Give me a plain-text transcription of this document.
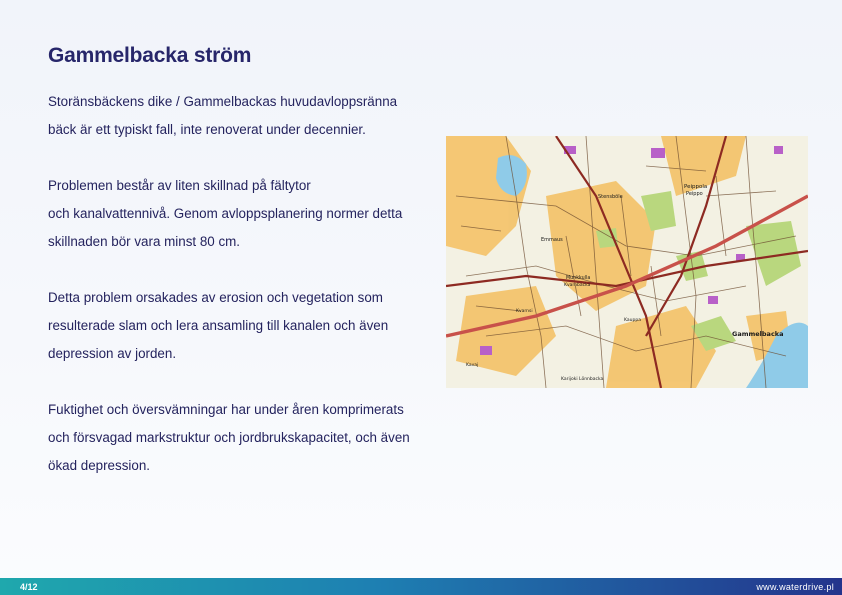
Gammelbacka ström
Storänsbäckens dike / Gammelbackas huvudavloppsränna
bäck är ett typiskt fall, inte renoverat under decennier.
Problemen består av liten skillnad på fältytor
och kanalvattennivå. Genom avloppsplanering normer detta
skillnaden bör vara minst 80 cm.
Detta problem orsakades av erosion och vegetation som
resulterade slam och lera ansamling till kanalen och även
depression av jorden.
Fuktighet och översvämningar har under åren komprimerats
och försvagad markstruktur och jordbrukskapacitet, och även
ökad depression.
Peippola
Peippo
Stensböle
Emmaus
Munkkulla
Kvarnbacka
Kvarnsi
Karijoki Lönnbacka
Kauppa
Kavaj
Gammelbacka
4/12	www.waterdrive.pl
